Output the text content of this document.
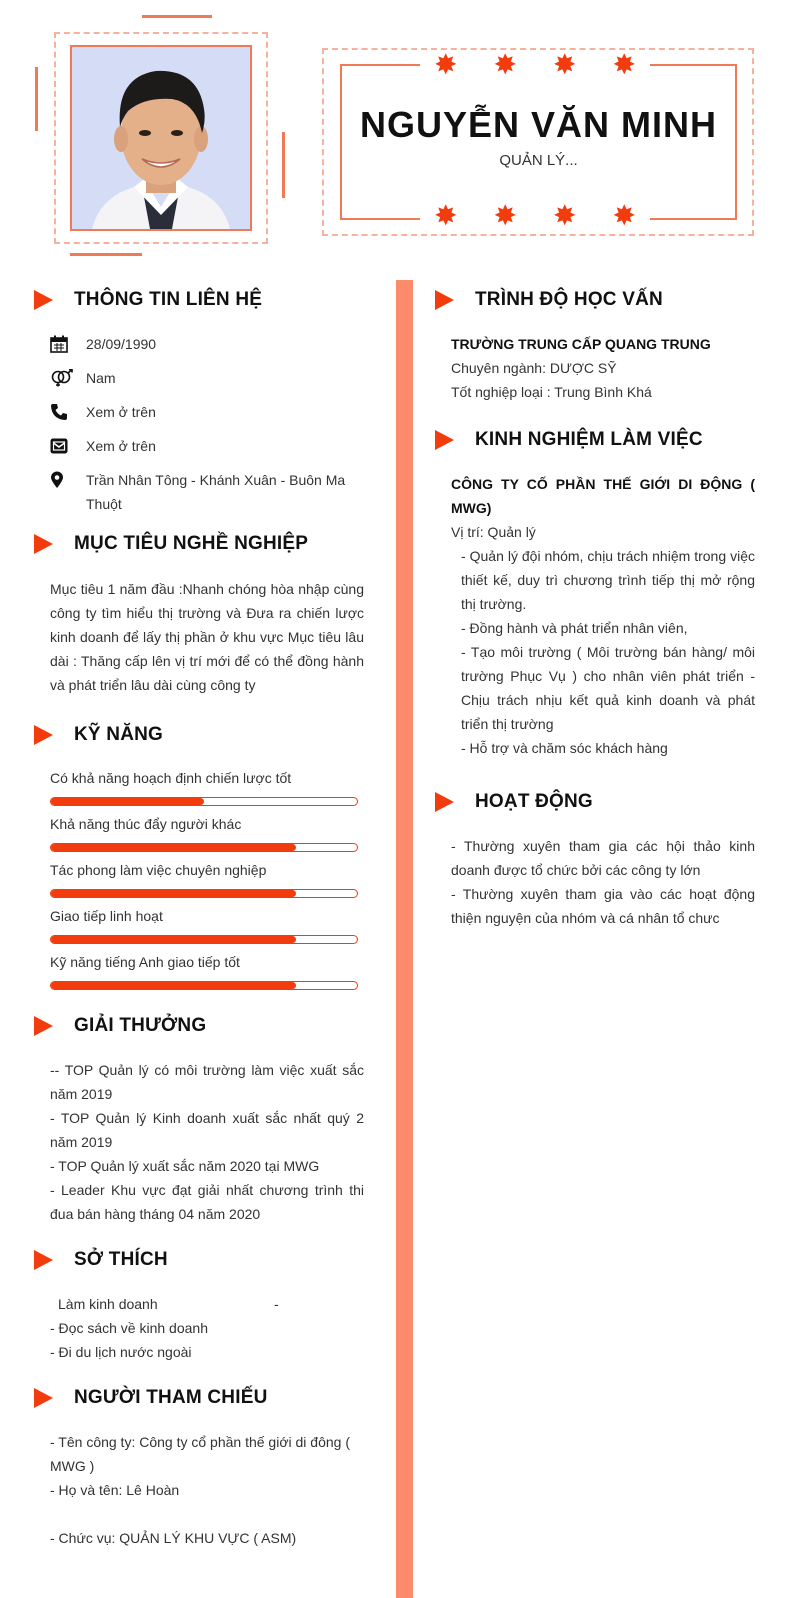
✸ ✸ ✸ ✸
✸ ✸ ✸ ✸
NGUYỄN VĂN MINH
QUẢN LÝ...
THÔNG TIN LIÊN HỆ
28/09/1990
Nam
Xem ở trên
Xem ở trên
Trần Nhân Tông - Khánh Xuân - Buôn Ma Thuột
MỤC TIÊU NGHỀ NGHIỆP
Mục tiêu 1 năm đầu :Nhanh chóng hòa nhập cùng công ty tìm hiểu thị trường và Đưa ra chiến lược kinh doanh để lấy thị phần ở khu vực Mục tiêu lâu dài : Thăng cấp lên vị trí mới để có thể đồng hành và phát triển lâu dài cùng công ty
KỸ NĂNG
Có khả năng hoạch định chiến lược tốt
Khả năng thúc đẩy người khác
Tác phong làm việc chuyên nghiệp
Giao tiếp linh hoạt
Kỹ năng tiếng Anh giao tiếp tốt
GIẢI THƯỞNG
-- TOP Quản lý có môi trường làm việc xuất sắc năm 2019
- TOP Quản lý Kinh doanh xuất sắc nhất quý 2 năm 2019
- TOP Quản lý xuất sắc năm 2020 tại MWG
- Leader Khu vực đạt giải nhất chương trình thi đua bán hàng tháng 04 năm 2020
SỞ THÍCH
Làm kinh doanh	-
- Đọc sách về kinh doanh
- Đi du lịch nước ngoài
NGƯỜI THAM CHIẾU
- Tên công ty: Công ty cổ phần thế giới di đông ( MWG )
- Họ và tên: Lê Hoàn
- Chức vụ: QUẢN LÝ KHU VỰC ( ASM)
TRÌNH ĐỘ HỌC VẤN
TRƯỜNG TRUNG CẤP QUANG TRUNG
Chuyên ngành: DƯỢC SỸ
Tốt nghiệp loại : Trung Bình Khá
KINH NGHIỆM LÀM VIỆC
CÔNG TY CỐ PHẦN THẾ GIỚI DI ĐỘNG ( MWG)
Vị trí: Quản lý
- Quản lý đội nhóm, chịu trách nhiệm trong việc thiết kế, duy trì chương trình tiếp thị mở rộng thị trường.
- Đồng hành và phát triển nhân viên,
- Tạo môi trường ( Môi trường bán hàng/ môi trường Phục Vụ ) cho nhân viên phát triển - Chịu trách nhịu kết quả kinh doanh và phát triển thị trường
- Hỗ trợ và chăm sóc khách hàng
HOẠT ĐỘNG
- Thường xuyên tham gia các hội thảo kinh doanh được tổ chức bởi các công ty lớn
- Thường xuyên tham gia vào các hoạt động thiện nguyện của nhóm và cá nhân tổ chưc
